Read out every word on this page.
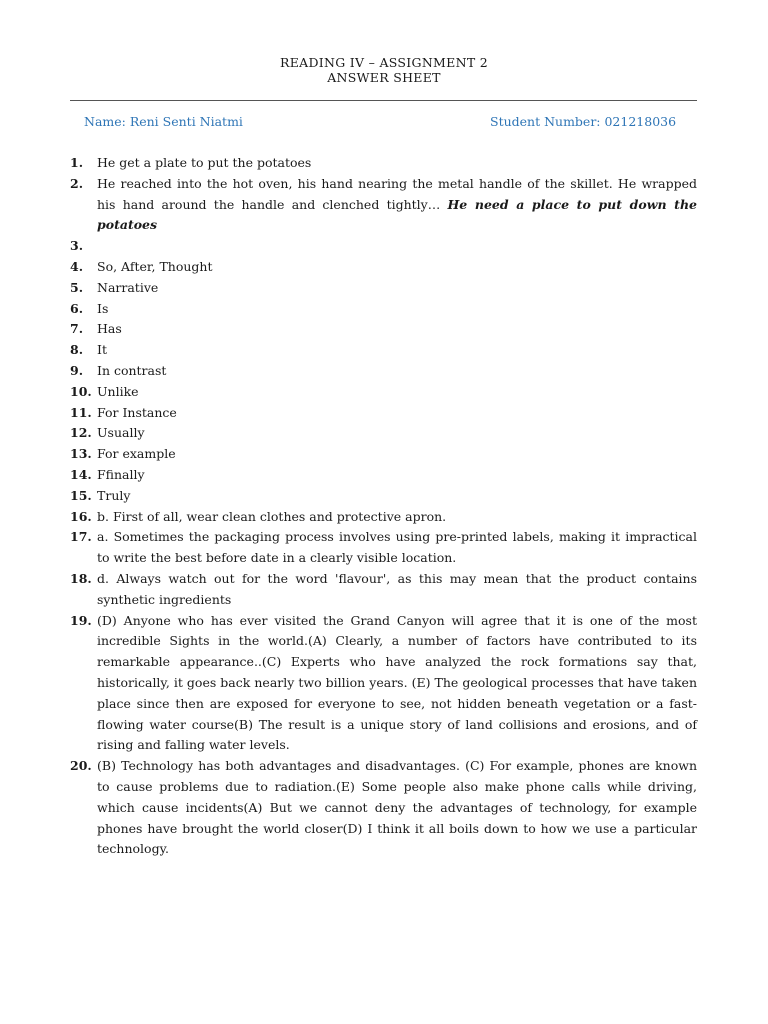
READING IV – ASSIGNMENT 2
ANSWER SHEET
Name: Reni Senti Niatmi	Student Number: 021218036
1. He get a plate to put the potatoes
2. He reached into the hot oven, his hand nearing the metal handle of the skillet. He wrapped his hand around the handle and clenched tightly… He need a place to put down the potatoes
3.

4. So, After, Thought
5. Narrative
6. Is
7. Has
8. It
9. In contrast
10. Unlike
11. For Instance
12. Usually
13. For example
14. Ffinally
15. Truly
16. b. First of all, wear clean clothes and protective apron.
17. a. Sometimes the packaging process involves using pre-printed labels, making it impractical to write the best before date in a clearly visible location.
18. d. Always watch out for the word 'flavour', as this may mean that the product contains synthetic ingredients
19. (D) Anyone who has ever visited the Grand Canyon will agree that it is one of the most incredible Sights in the world.(A) Clearly, a number of factors have contributed to its remarkable appearance..(C) Experts who have analyzed the rock formations say that, historically, it goes back nearly two billion years. (E) The geological processes that have taken place since then are exposed for everyone to see, not hidden beneath vegetation or a fast-flowing water course(B) The result is a unique story of land collisions and erosions, and of rising and falling water levels.
20. (B) Technology has both advantages and disadvantages. (C) For example, phones are known to cause problems due to radiation.(E) Some people also make phone calls while driving, which cause incidents(A) But we cannot deny the advantages of technology, for example phones have brought the world closer(D) I think it all boils down to how we use a particular technology.
